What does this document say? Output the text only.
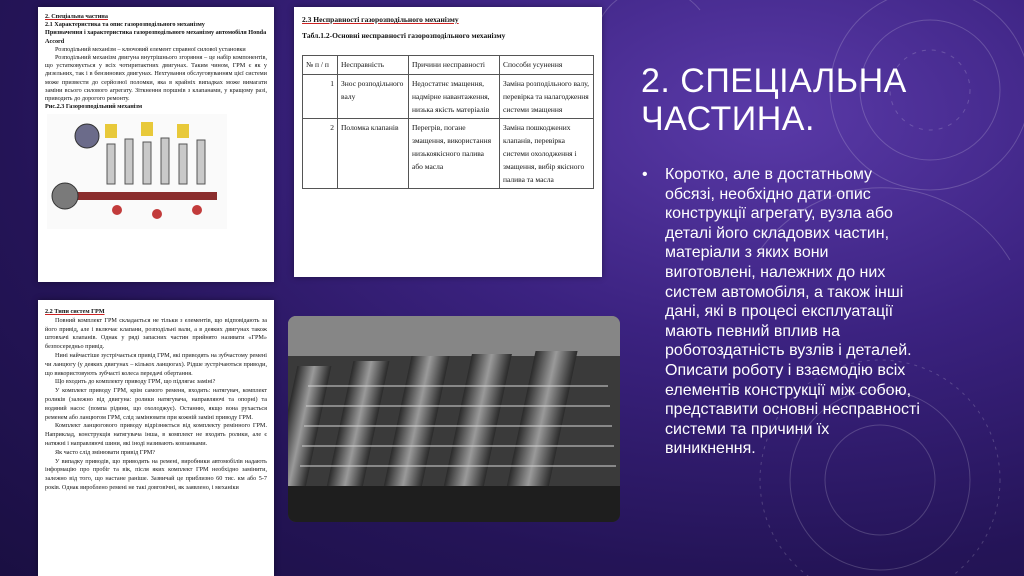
2. Спеціальна частина
2.1 Характеристика та опис газорозподільного механізму
Призначення і характеристика газорозподільного механізму автомобіля Honda Accord

Розподільний механізм – ключовий елемент справної силової установки

Розподільний механізм двигуна внутрішнього згоряння – це набір компонентів, що устатковується у всіх чотиритактних двигунах. Таким чином, ГРМ є як у дизельних, так і в бензинових двигунах. Нехтування обслуговуванням цієї системи може призвести до серйозної поломки, яка в крайніх випадках може вимагати заміни всього силового агрегату. Зіткнення поршнів з клапанами, у кращому разі, приводить до дорогого ремонту.

Рис.2.3 Газорозподільний механізм
2.3 Несправності газорозподільного механізму
Табл.1.2-Основні несправності газорозподільного механізму
№ п / п	Несправність	Причини несправності	Способи усунення
1	Знос розподільного валу	Недостатнє змащення, надмірне навантаження, низька якість матеріалів	Заміна розподільного валу, перевірка та налагодження системи змащення
2	Поломка клапанів	Перегрів, погане змащення, використання низькоякісного палива або масла	Заміна пошкоджених клапанів, перевірка системи охолодження і змащення, вибір якісного палива та масла
2.2 Типи систем ГРМ

Повний комплект ГРМ складається не тільки з елементів, що відповідають за його привід, але і включає клапани, розподільні вали, а в деяких двигунах також штовхачі клапанів. Однак у ряді запасних частин прийнято називати «ГРМ» безпосередньо привід.

Нині найчастіше зустрічається привід ГРМ, які приводять на зубчастому ремені чи ланцюгу (у деяких двигунах – кількох ланцюгах). Рідше зустрічаються приводи, що використовують зубчасті колеса передачі обертання.

Що входить до комплекту приводу ГРМ, що підлягає заміні?

У комплект приводу ГРМ, крім самого ременя, входять: натягувач, комплект роликів (залежно від двигуна: ролики натягувача, направляючі та опорні) та водяний насос (помпа рідини, що охолоджує). Останню, якщо вона рухається ременем або ланцюгом ГРМ, слід замінювати при кожній заміні приводу ГРМ.

Комплект ланцюгового приводу відрізняється від комплекту ремінного ГРМ. Наприклад, конструкція натягувача інша, в комплект не входять ролики, але є натяжні і направляючі шини, які іноді називають ковзанками.

Як часто слід змінювати привід ГРМ?

У випадку приводів, що приводять на ремені, виробники автомобілів надають інформацію про пробіг та вік, після яких комплект ГРМ необхідно замінити, залежно від того, що настане раніше. Зазвичай це приблизно 60 тис. км або 5-7 років. Однак вироблено ремені не такі довговічні, як заявлено, і механіки

2. СПЕЦІАЛЬНА ЧАСТИНА.
• Коротко, але в достатньому обсязі, необхідно дати опис конструкції агрегату, вузла або деталі його складових частин, матеріали з яких вони виготовлені, належних до них систем автомобіля, а також інші дані, які в процесі експлуатації мають певний вплив на роботоздатність вузлів і деталей. Описати роботу і взаємодію всіх елементів конструкції між собою, представити основні несправності системи та причини їх виникнення.
